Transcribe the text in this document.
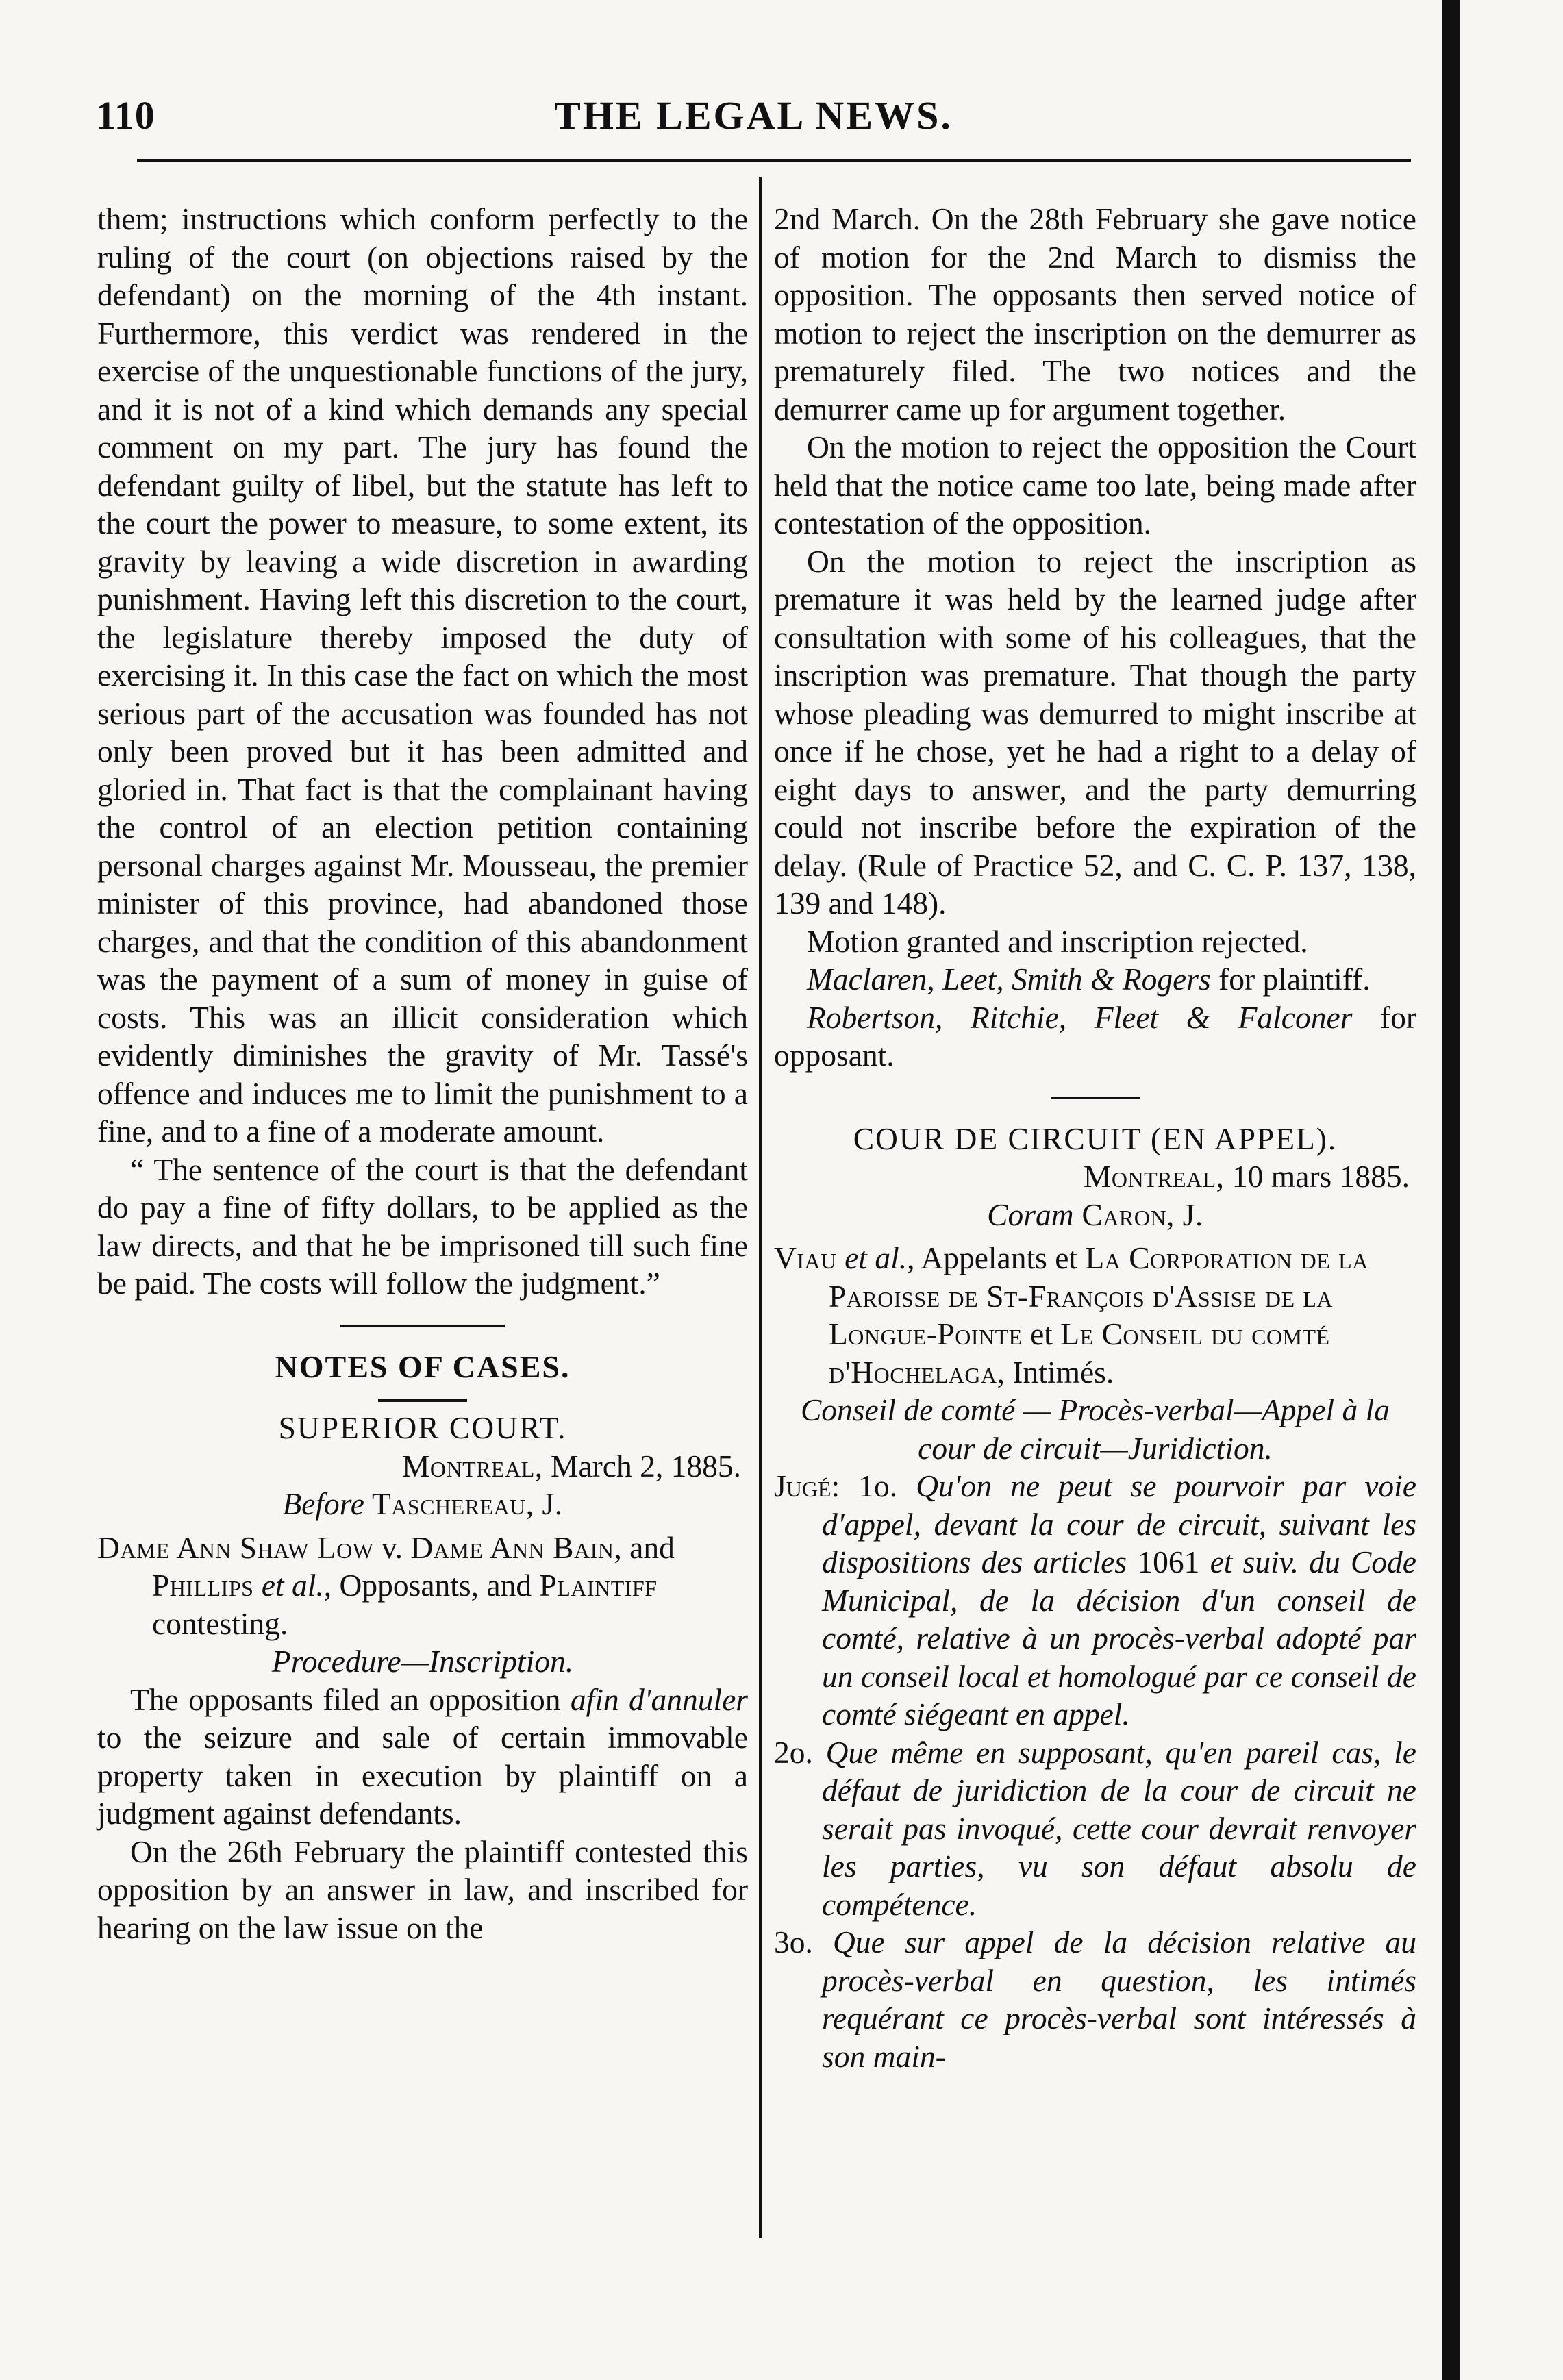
110	THE LEGAL NEWS.

them; instructions which conform perfectly to the ruling of the court (on objections raised by the defendant) on the morning of the 4th instant. Furthermore, this verdict was rendered in the exercise of the unquestionable functions of the jury, and it is not of a kind which demands any special comment on my part. The jury has found the defendant guilty of libel, but the statute has left to the court the power to measure, to some extent, its gravity by leaving a wide discretion in awarding punishment. Having left this discretion to the court, the legislature thereby imposed the duty of exercising it. In this case the fact on which the most serious part of the accusation was founded has not only been proved but it has been admitted and gloried in. That fact is that the complainant having the control of an election petition containing personal charges against Mr. Mousseau, the premier minister of this province, had abandoned those charges, and that the condition of this abandonment was the payment of a sum of money in guise of costs. This was an illicit consideration which evidently diminishes the gravity of Mr. Tassé's offence and induces me to limit the punishment to a fine, and to a fine of a moderate amount.

“ The sentence of the court is that the defendant do pay a fine of fifty dollars, to be applied as the law directs, and that he be imprisoned till such fine be paid. The costs will follow the judgment.”

NOTES OF CASES.

SUPERIOR COURT.

Montreal, March 2, 1885.

Before Taschereau, J.

Dame Ann Shaw Low v. Dame Ann Bain, and Phillips et al., Opposants, and Plaintiff contesting.

Procedure—Inscription.

The opposants filed an opposition afin d'annuler to the seizure and sale of certain immovable property taken in execution by plaintiff on a judgment against defendants.

On the 26th February the plaintiff contested this opposition by an answer in law, and inscribed for hearing on the law issue on the

2nd March. On the 28th February she gave notice of motion for the 2nd March to dismiss the opposition. The opposants then served notice of motion to reject the inscription on the demurrer as prematurely filed. The two notices and the demurrer came up for argument together.

On the motion to reject the opposition the Court held that the notice came too late, being made after contestation of the opposition.

On the motion to reject the inscription as premature it was held by the learned judge after consultation with some of his colleagues, that the inscription was premature. That though the party whose pleading was demurred to might inscribe at once if he chose, yet he had a right to a delay of eight days to answer, and the party demurring could not inscribe before the expiration of the delay. (Rule of Practice 52, and C. C. P. 137, 138, 139 and 148).

Motion granted and inscription rejected.

Maclaren, Leet, Smith & Rogers for plaintiff.

Robertson, Ritchie, Fleet & Falconer for opposant.

COUR DE CIRCUIT (EN APPEL).

Montreal, 10 mars 1885.

Coram Caron, J.

Viau et al., Appelants et La Corporation de la Paroisse de St-François d'Assise de la Longue-Pointe et Le Conseil du comté d'Hochelaga, Intimés.

Conseil de comté — Procès-verbal—Appel à la cour de circuit—Juridiction.

Jugé: 1o. Qu'on ne peut se pourvoir par voie d'appel, devant la cour de circuit, suivant les dispositions des articles 1061 et suiv. du Code Municipal, de la décision d'un conseil de comté, relative à un procès-verbal adopté par un conseil local et homologué par ce conseil de comté siégeant en appel.

2o. Que même en supposant, qu'en pareil cas, le défaut de juridiction de la cour de circuit ne serait pas invoqué, cette cour devrait renvoyer les parties, vu son défaut absolu de compétence.

3o. Que sur appel de la décision relative au procès-verbal en question, les intimés requérant ce procès-verbal sont intéressés à son main-
